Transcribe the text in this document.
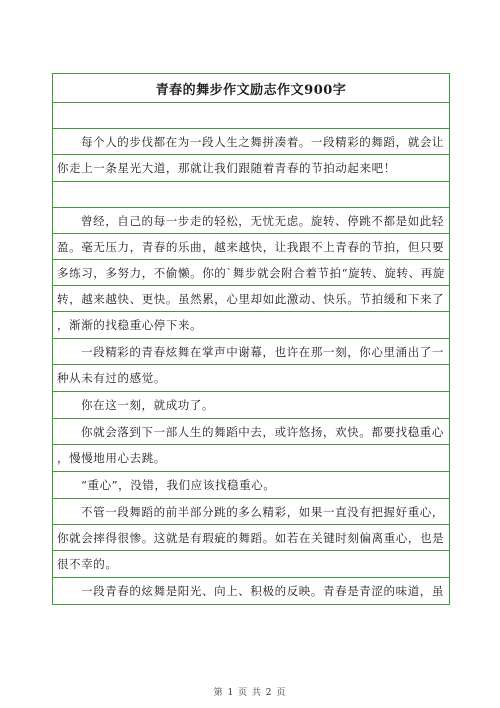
青春的舞步作文励志作文900字
每个人的步伐都在为一段人生之舞拼凑着。一段精彩的舞蹈，就会让
你走上一条星光大道，那就让我们跟随着青春的节拍动起来吧！
曾经，自己的每一步走的轻松，无忧无虑。旋转、停跳不都是如此轻
盈。毫无压力，青春的乐曲，越来越快，让我跟不上青春的节拍，但只要
多练习，多努力，不偷懒。你的`舞步就会附合着节拍“旋转、旋转、再旋
转，越来越快、更快。虽然累，心里却如此激动、快乐。节拍缓和下来了
，渐渐的找稳重心停下来。
一段精彩的青春炫舞在掌声中谢幕，也许在那一刻，你心里涌出了一
种从未有过的感觉。
你在这一刻，就成功了。
你就会落到下一部人生的舞蹈中去，或许悠扬，欢快。都要找稳重心
，慢慢地用心去跳。
“重心”，没错，我们应该找稳重心。
不管一段舞蹈的前半部分跳的多么精彩，如果一直没有把握好重心，
你就会摔得很惨。这就是有瑕疵的舞蹈。如若在关键时刻偏离重心，也是
很不幸的。
一段青春的炫舞是阳光、向上、积极的反映。青春是青涩的味道，虽
第 1 页 共 2 页
